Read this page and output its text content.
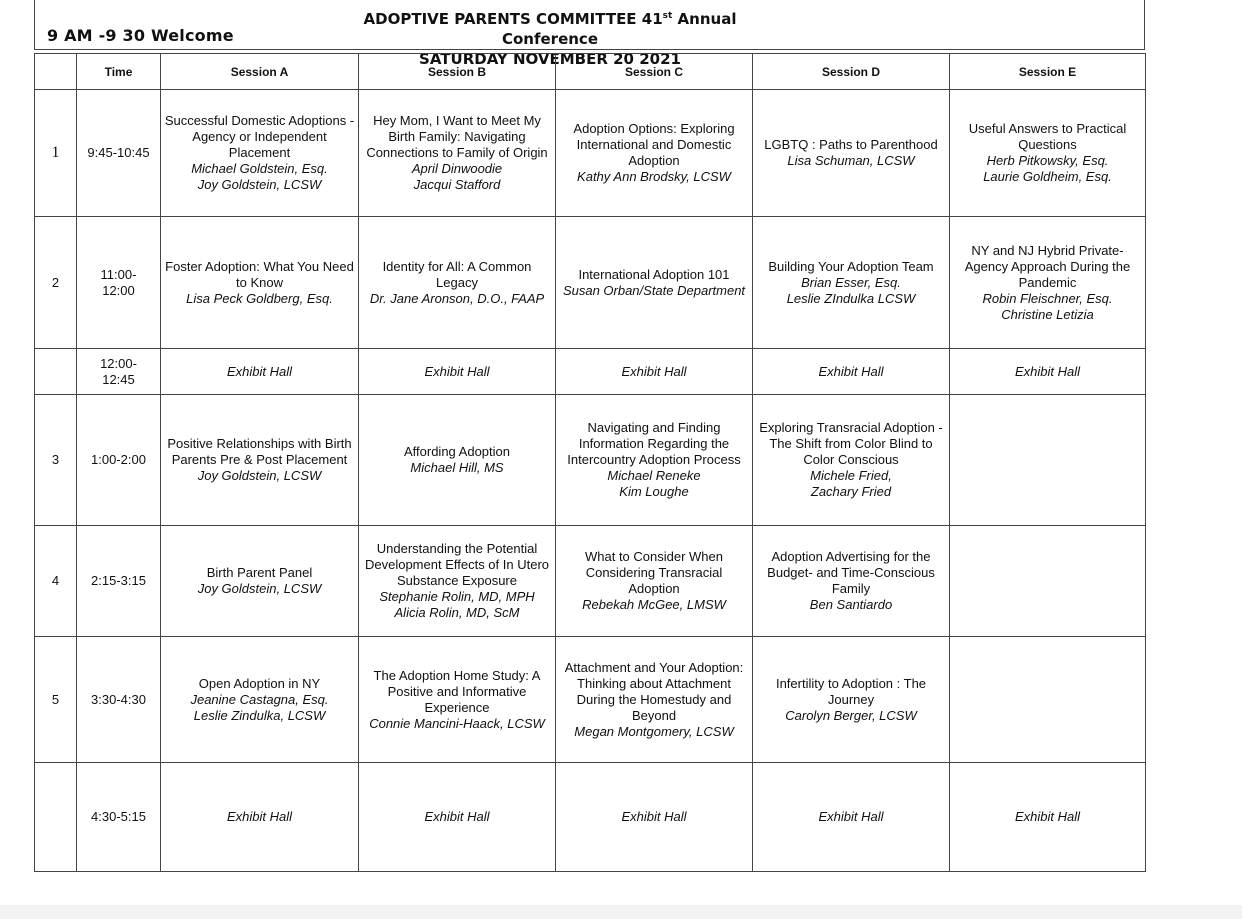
9 AM -9 30 Welcome
ADOPTIVE PARENTS COMMITTEE 41st Annual Conference
SATURDAY NOVEMBER 20 2021
	Time	Session A	Session B	Session C	Session D	Session E
1	9:45-10:45	Successful Domestic Adoptions - Agency or Independent Placement
Michael Goldstein, Esq.
Joy Goldstein, LCSW	Hey Mom, I Want to Meet My Birth Family: Navigating Connections to Family of Origin
April Dinwoodie
Jacqui Stafford	Adoption Options: Exploring International and Domestic Adoption
Kathy Ann Brodsky, LCSW	LGBTQ : Paths to Parenthood
Lisa Schuman, LCSW	Useful Answers to Practical Questions
Herb Pitkowsky, Esq.
Laurie Goldheim, Esq.

2	11:00-12:00	Foster Adoption: What You Need to Know
Lisa Peck Goldberg, Esq.	Identity for All: A Common Legacy
Dr. Jane Aronson, D.O., FAAP	International Adoption 101
Susan Orban/State Department	Building Your Adoption Team
Brian Esser, Esq.
Leslie ZIndulka LCSW	NY and NJ Hybrid Private-Agency Approach During the Pandemic
Robin Fleischner, Esq.
Christine Letizia

	12:00-12:45	Exhibit Hall	Exhibit Hall	Exhibit Hall	Exhibit Hall	Exhibit Hall
3	1:00-2:00	Positive Relationships with Birth Parents Pre & Post Placement
Joy Goldstein, LCSW	Affording Adoption
Michael Hill, MS	Navigating and Finding Information Regarding the Intercountry Adoption Process
Michael Reneke
Kim Loughe	Exploring Transracial Adoption - The Shift from Color Blind to Color Conscious
Michele Fried,
Zachary Fried	

4	2:15-3:15	Birth Parent Panel
Joy Goldstein, LCSW	Understanding the Potential Development Effects of In Utero Substance Exposure
Stephanie Rolin, MD, MPH
Alicia Rolin, MD, ScM	What to Consider When Considering Transracial Adoption
Rebekah McGee, LMSW	Adoption Advertising for the Budget- and Time-Conscious Family
Ben Santiardo	

5	3:30-4:30	Open Adoption in NY
Jeanine Castagna, Esq.
Leslie Zindulka, LCSW	The Adoption Home Study: A Positive and Informative Experience
Connie Mancini-Haack, LCSW	Attachment and Your Adoption: Thinking about Attachment During the Homestudy and Beyond
Megan Montgomery, LCSW	Infertility to Adoption : The Journey
Carolyn Berger, LCSW	

	4:30-5:15	Exhibit Hall	Exhibit Hall	Exhibit Hall	Exhibit Hall	Exhibit Hall
